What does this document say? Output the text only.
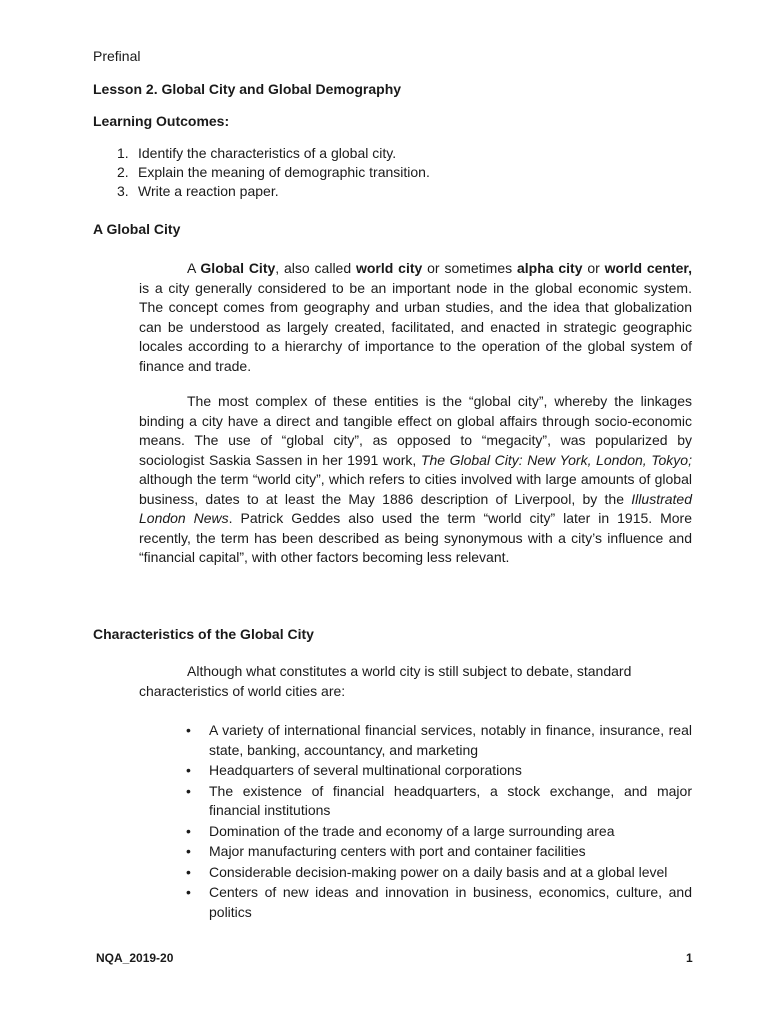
Prefinal

Lesson 2. Global City and Global Demography

Learning Outcomes:

1. Identify the characteristics of a global city.
2. Explain the meaning of demographic transition.
3. Write a reaction paper.

A Global City

A Global City, also called world city or sometimes alpha city or world center, is a city generally considered to be an important node in the global economic system. The concept comes from geography and urban studies, and the idea that globalization can be understood as largely created, facilitated, and enacted in strategic geographic locales according to a hierarchy of importance to the operation of the global system of finance and trade.

The most complex of these entities is the “global city”, whereby the linkages binding a city have a direct and tangible effect on global affairs through socio-economic means. The use of “global city”, as opposed to “megacity”, was popularized by sociologist Saskia Sassen in her 1991 work, The Global City: New York, London, Tokyo; although the term “world city”, which refers to cities involved with large amounts of global business, dates to at least the May 1886 description of Liverpool, by the Illustrated London News. Patrick Geddes also used the term “world city” later in 1915. More recently, the term has been described as being synonymous with a city’s influence and “financial capital”, with other factors becoming less relevant.

Characteristics of the Global City

Although what constitutes a world city is still subject to debate, standard characteristics of world cities are:

• A variety of international financial services, notably in finance, insurance, real state, banking, accountancy, and marketing
• Headquarters of several multinational corporations
• The existence of financial headquarters, a stock exchange, and major financial institutions
• Domination of the trade and economy of a large surrounding area
• Major manufacturing centers with port and container facilities
• Considerable decision-making power on a daily basis and at a global level
• Centers of new ideas and innovation in business, economics, culture, and politics

NQA_2019-20	1
